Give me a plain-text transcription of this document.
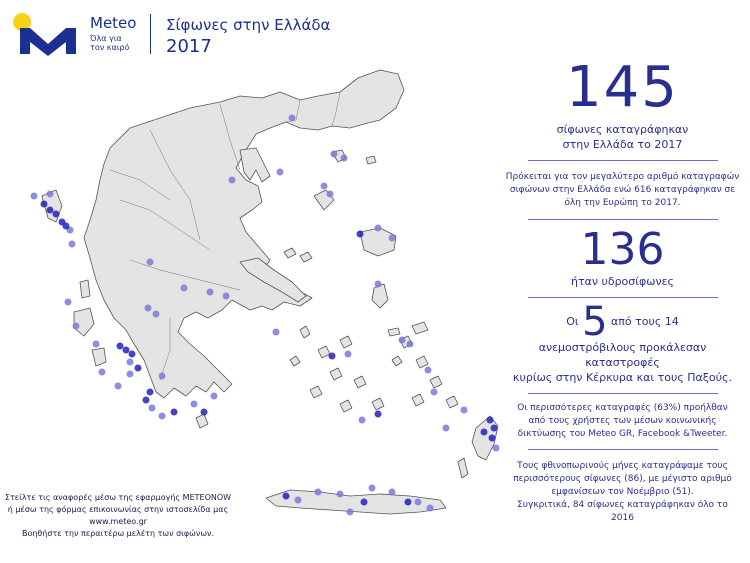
Meteo
Όλα για
τον καιρό
Σίφωνες στην Ελλάδα
2017
145
σίφωνες καταγράφηκαν
στην Ελλάδα το 2017
Πρόκειται για τον μεγαλύτερο αριθμό καταγραφών
σιφώνων στην Ελλάδα ενώ 616 καταγράφηκαν σε
όλη την Ευρώπη το 2017.
136
ήταν υδροσίφωνες
Οι 5 από τους 14
ανεμοστρόβιλους προκάλεσαν καταστροφές
κυρίως στην Κέρκυρα και τους Παξούς.
Οι περισσότερες καταγραφές (63%) προήλθαν
από τους χρήστες των μέσων κοινωνικής
δικτύωσης του Meteo GR, Facebook &Tweeter.
Τους φθινοπωρινούς μήνες καταγράψαμε τους
περισσότερους σίφωνες (86), με μέγιστο αριθμό
εμφανίσεων τον Νοέμβριο (51).
Συγκριτικά, 84 σίφωνες καταγράφηκαν όλο το
2016
Στείλτε τις αναφορές μέσω της εφαρμογής METEONOW
ή μέσω της φόρμας επικοινωνίας στην ιστοσελίδα μας
www.meteo.gr
Βοηθήστε την περαιτέρω μελέτη των σιφώνων.
